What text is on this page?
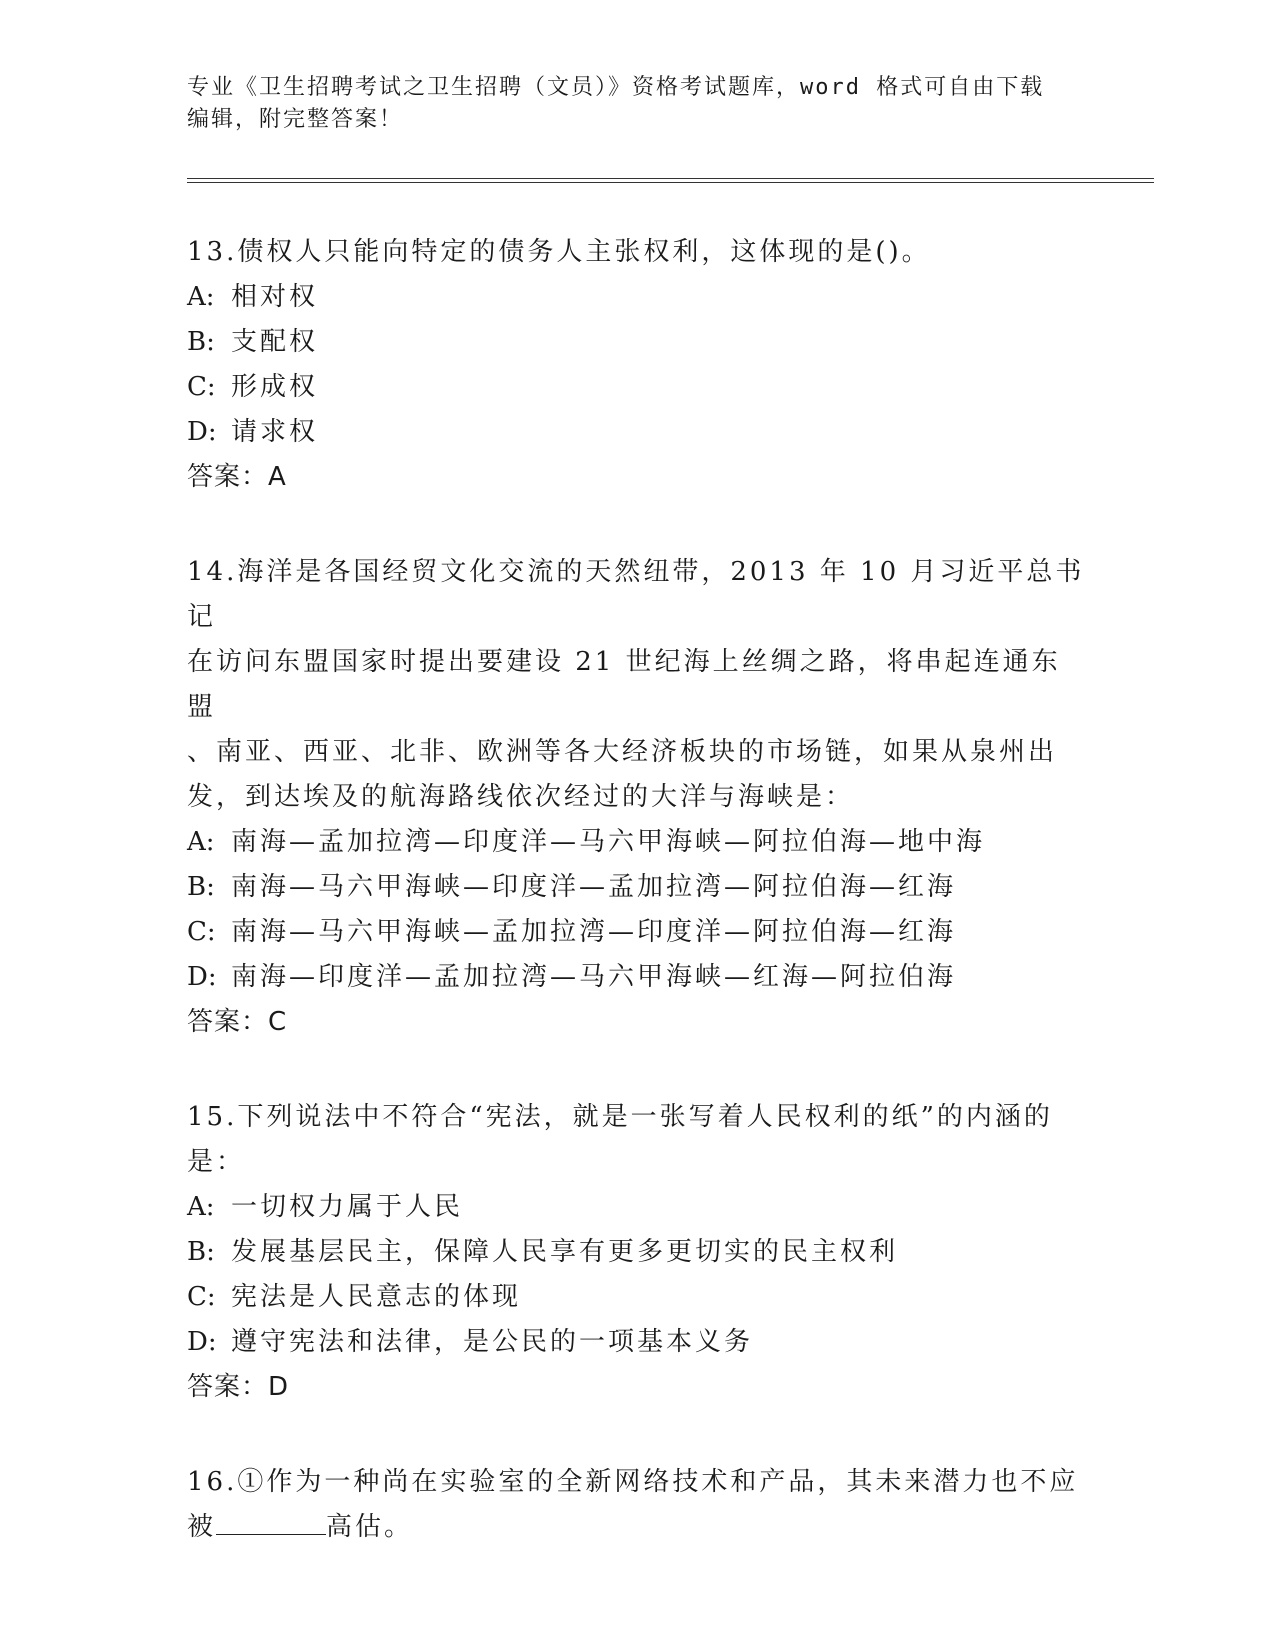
专业《卫生招聘考试之卫生招聘（文员）》资格考试题库，word 格式可自由下载
编辑，附完整答案！
13.债权人只能向特定的债务人主张权利，这体现的是()。
A: 相对权
B: 支配权
C: 形成权
D: 请求权
答案：A
14.海洋是各国经贸文化交流的天然纽带，2013 年 10 月习近平总书记
在访问东盟国家时提出要建设 21 世纪海上丝绸之路，将串起连通东盟
、南亚、西亚、北非、欧洲等各大经济板块的市场链，如果从泉州出
发，到达埃及的航海路线依次经过的大洋与海峡是：
A: 南海—孟加拉湾—印度洋—马六甲海峡—阿拉伯海—地中海
B: 南海—马六甲海峡—印度洋—孟加拉湾—阿拉伯海—红海
C: 南海—马六甲海峡—孟加拉湾—印度洋—阿拉伯海—红海
D: 南海—印度洋—孟加拉湾—马六甲海峡—红海—阿拉伯海
答案：C
15.下列说法中不符合“宪法，就是一张写着人民权利的纸”的内涵的
是：
A: 一切权力属于人民
B: 发展基层民主，保障人民享有更多更切实的民主权利
C: 宪法是人民意志的体现
D: 遵守宪法和法律，是公民的一项基本义务
答案：D
16.①作为一种尚在实验室的全新网络技术和产品，其未来潜力也不应
被	高估。
